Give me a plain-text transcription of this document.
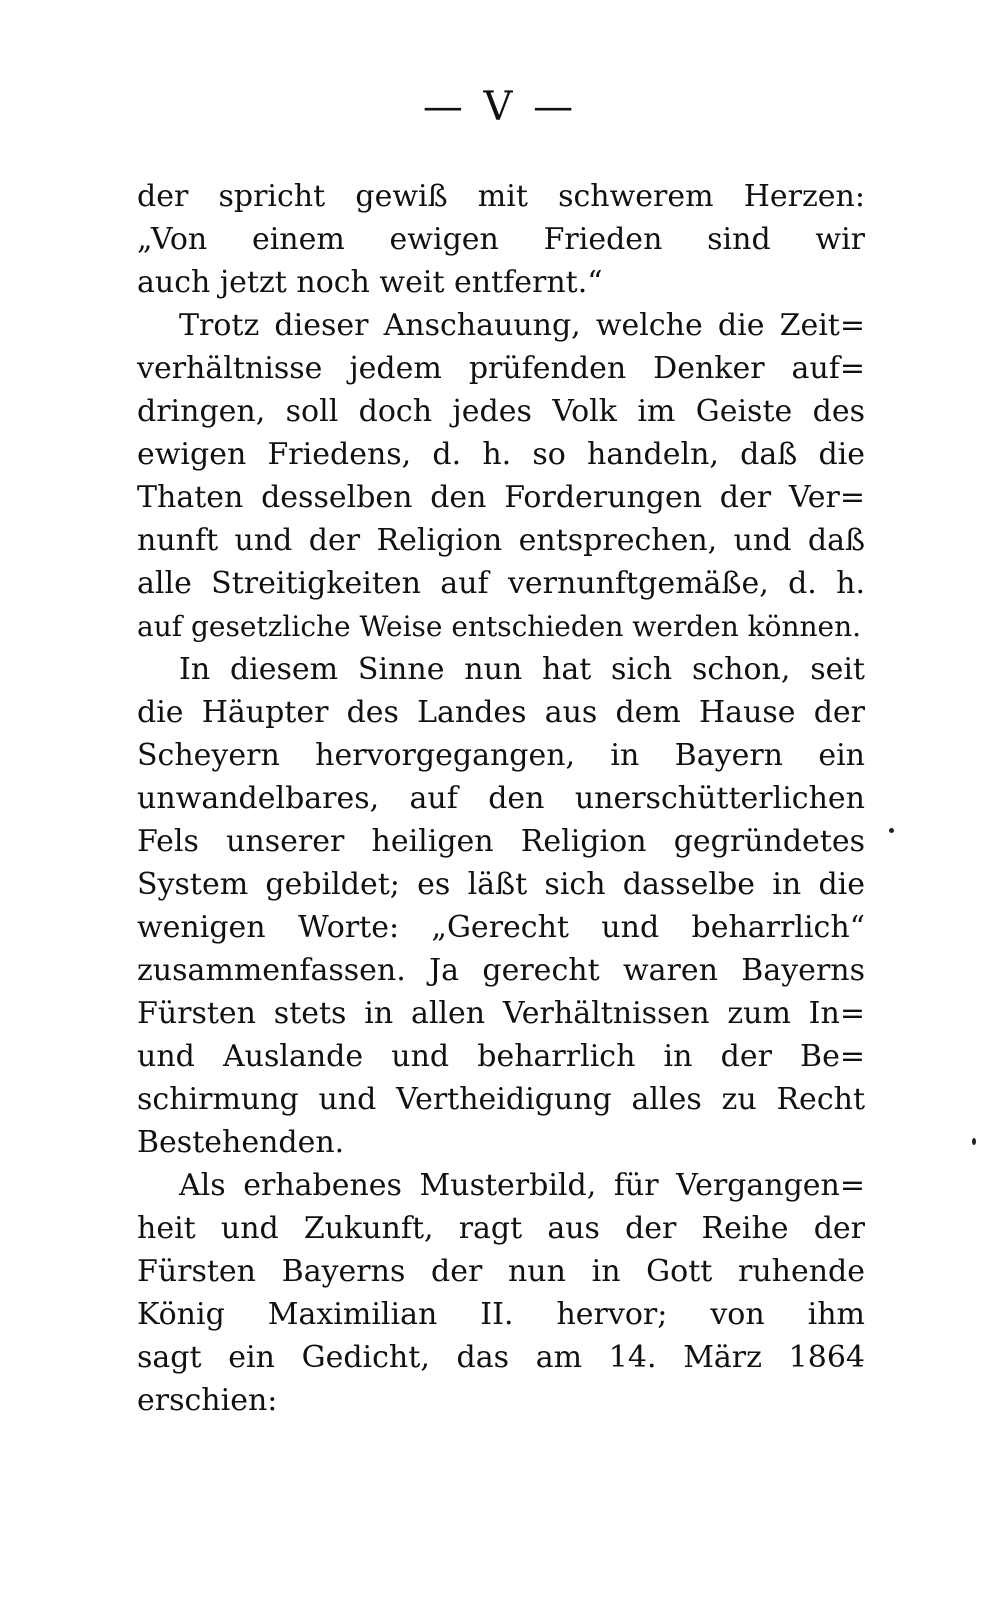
— V —
der spricht gewiß mit schwerem Herzen:
„Von einem ewigen Frieden sind wir
auch jetzt noch weit entfernt.“
Trotz dieser Anschauung, welche die Zeit=
verhältnisse jedem prüfenden Denker auf=
dringen, soll doch jedes Volk im Geiste des
ewigen Friedens, d. h. so handeln, daß die
Thaten desselben den Forderungen der Ver=
nunft und der Religion entsprechen, und daß
alle Streitigkeiten auf vernunftgemäße, d. h.
auf gesetzliche Weise entschieden werden können.
In diesem Sinne nun hat sich schon, seit
die Häupter des Landes aus dem Hause der
Scheyern hervorgegangen, in Bayern ein
unwandelbares, auf den unerschütterlichen
Fels unserer heiligen Religion gegründetes
System gebildet; es läßt sich dasselbe in die
wenigen Worte: „Gerecht und beharrlich“
zusammenfassen. Ja gerecht waren Bayerns
Fürsten stets in allen Verhältnissen zum In=
und Auslande und beharrlich in der Be=
schirmung und Vertheidigung alles zu Recht
Bestehenden.
Als erhabenes Musterbild, für Vergangen=
heit und Zukunft, ragt aus der Reihe der
Fürsten Bayerns der nun in Gott ruhende
König Maximilian II. hervor; von ihm
sagt ein Gedicht, das am 14. März 1864
erschien:
